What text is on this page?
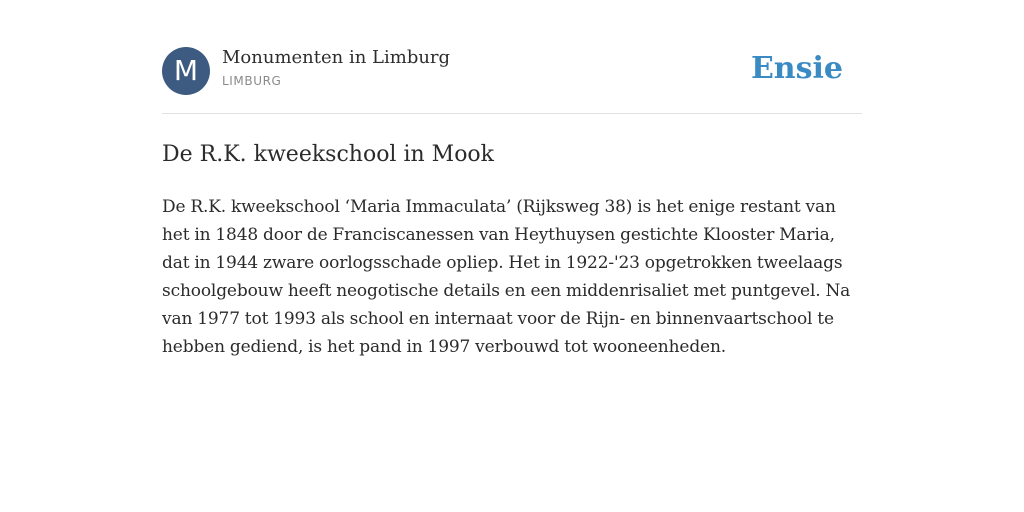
M	Monumenten in Limburg
LIMBURG	Ensie
De R.K. kweekschool in Mook

De R.K. kweekschool ‘Maria Immaculata’ (Rijksweg 38) is het enige restant van het in 1848 door de Franciscanessen van Heythuysen gestichte Klooster Maria, dat in 1944 zware oorlogsschade opliep. Het in 1922-'23 opgetrokken tweelaags schoolgebouw heeft neogotische details en een middenrisaliet met puntgevel. Na van 1977 tot 1993 als school en internaat voor de Rijn- en binnenvaartschool te hebben gediend, is het pand in 1997 verbouwd tot wooneenheden.
